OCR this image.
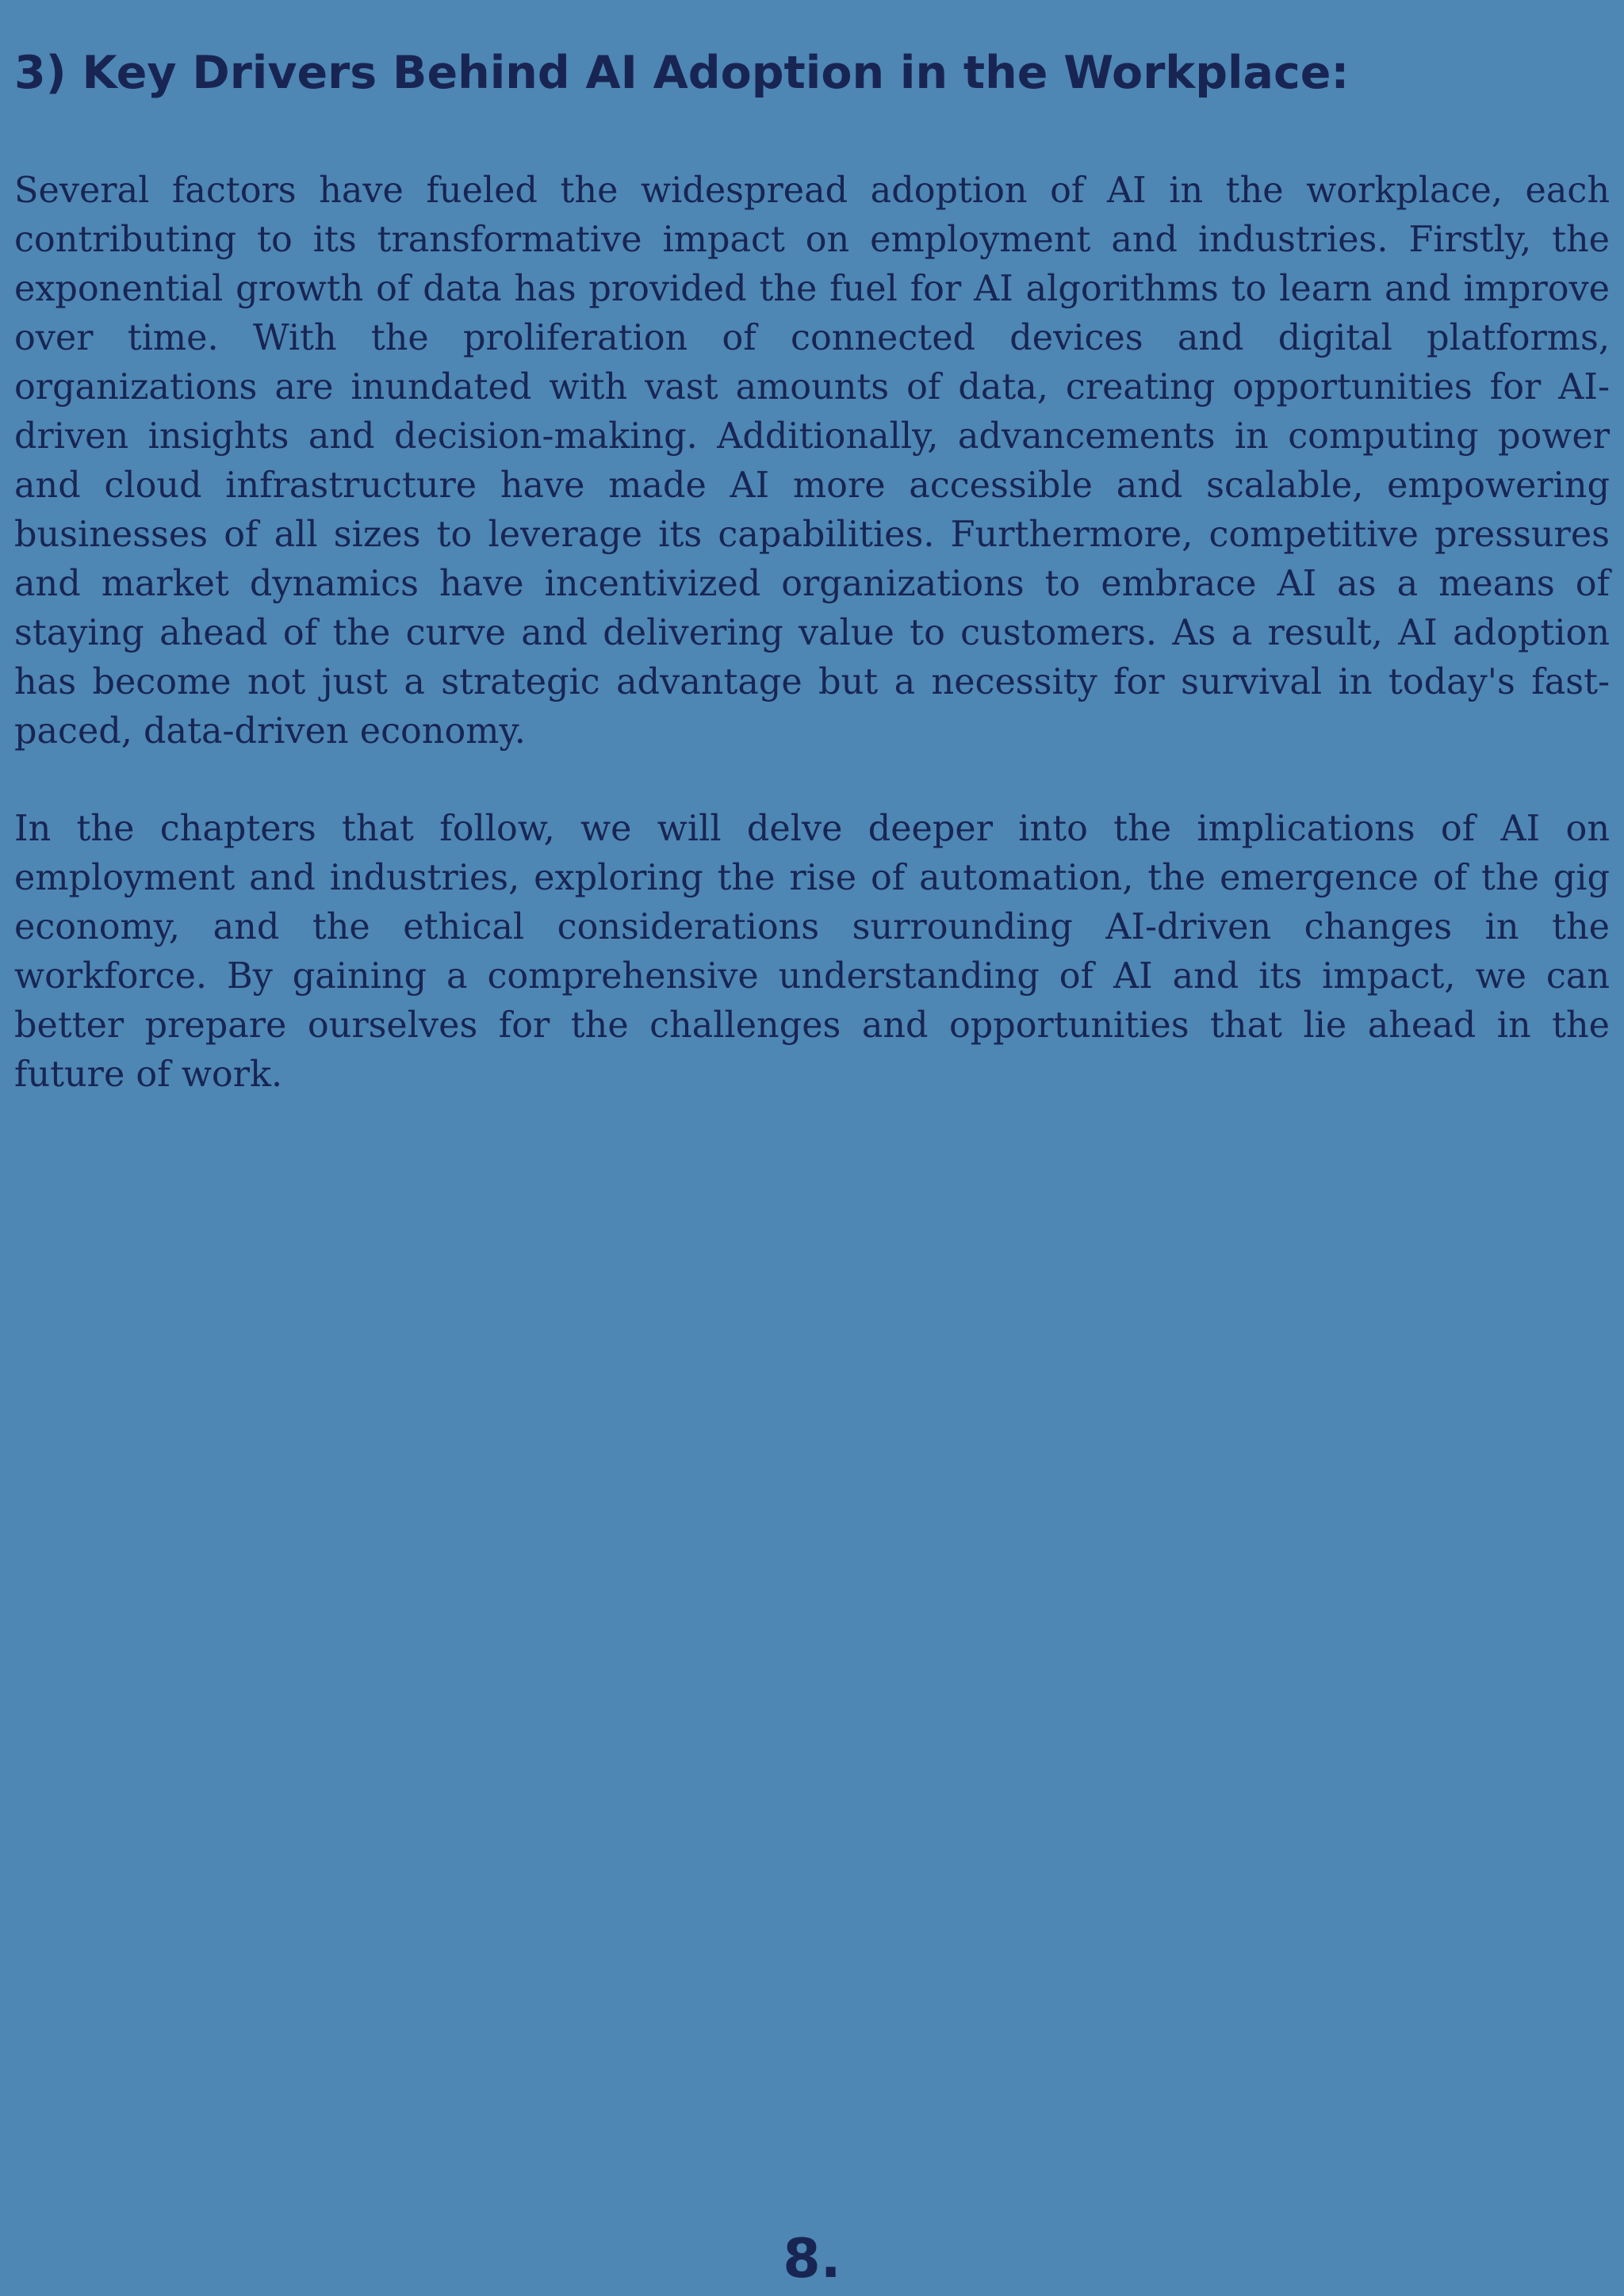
3) Key Drivers Behind AI Adoption in the Workplace:

Several factors have fueled the widespread adoption of AI in the workplace, each contributing to its transformative impact on employment and industries. Firstly, the exponential growth of data has provided the fuel for AI algorithms to learn and improve over time. With the proliferation of connected devices and digital platforms, organizations are inundated with vast amounts of data, creating opportunities for AI-driven insights and decision-making. Additionally, advancements in computing power and cloud infrastructure have made AI more accessible and scalable, empowering businesses of all sizes to leverage its capabilities. Furthermore, competitive pressures and market dynamics have incentivized organizations to embrace AI as a means of staying ahead of the curve and delivering value to customers. As a result, AI adoption has become not just a strategic advantage but a necessity for survival in today's fast-paced, data-driven economy.

In the chapters that follow, we will delve deeper into the implications of AI on employment and industries, exploring the rise of automation, the emergence of the gig economy, and the ethical considerations surrounding AI-driven changes in the workforce. By gaining a comprehensive understanding of AI and its impact, we can better prepare ourselves for the challenges and opportunities that lie ahead in the future of work.

8.
